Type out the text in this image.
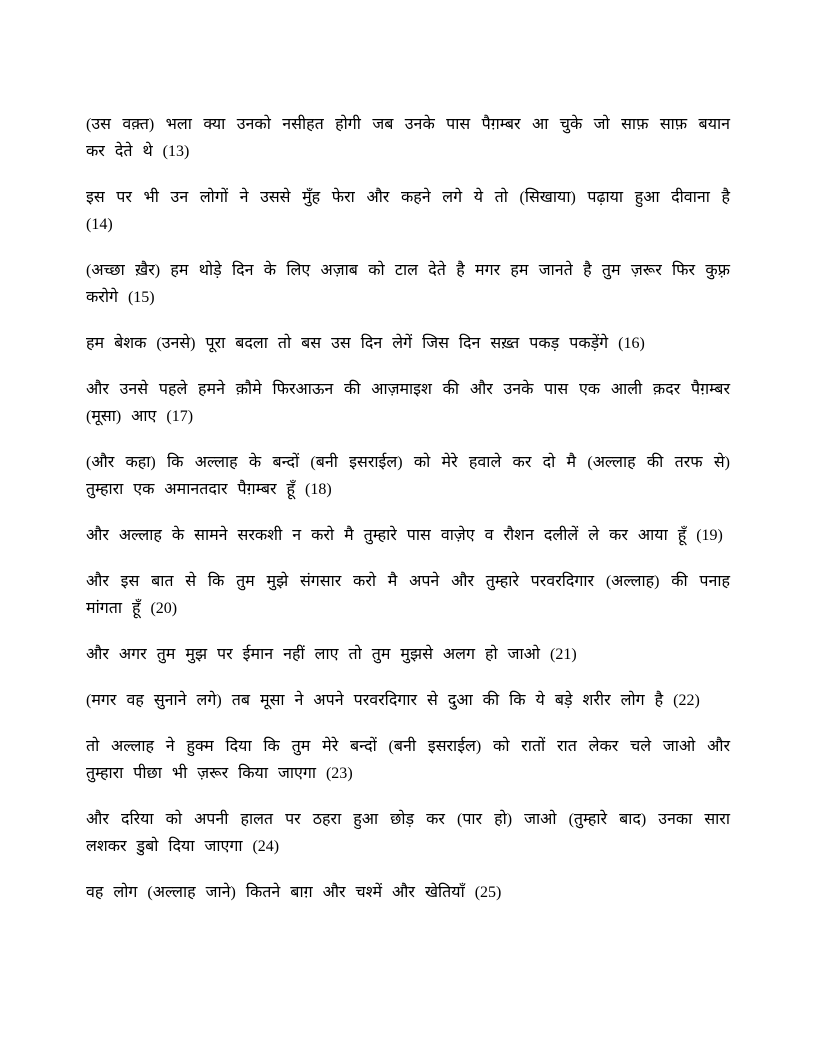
(उस वक़्त) भला क्या उनको नसीहत होगी जब उनके पास पैग़म्बर आ चुके जो साफ़ साफ़ बयान कर देते थे (13)

इस पर भी उन लोगों ने उससे मुँह फेरा और कहने लगे ये तो (सिखाया) पढ़ाया हुआ दीवाना है (14)

(अच्छा ख़ैर) हम थोड़े दिन के लिए अज़ाब को टाल देते है मगर हम जानते है तुम ज़रूर फिर कुफ़्र करोगे (15)

हम बेशक (उनसे) पूरा बदला तो बस उस दिन लेगें जिस दिन सख़्त पकड़ पकड़ेंगे (16)

और उनसे पहले हमने क़ौमे फिरआऊन की आज़माइश की और उनके पास एक आली क़दर पैग़म्बर (मूसा) आए (17)

(और कहा) कि अल्लाह के बन्दों (बनी इसराईल) को मेरे हवाले कर दो मै (अल्लाह की तरफ से) तुम्हारा एक अमानतदार पैग़म्बर हूँ (18)

और अल्लाह के सामने सरकशी न करो मै तुम्हारे पास वाज़ेए व रौशन दलीलें ले कर आया हूँ (19)

और इस बात से कि तुम मुझे संगसार करो मै अपने और तुम्हारे परवरदिगार (अल्लाह) की पनाह मांगता हूँ (20)

और अगर तुम मुझ पर ईमान नहीं लाए तो तुम मुझसे अलग हो जाओ (21)

(मगर वह सुनाने लगे) तब मूसा ने अपने परवरदिगार से दुआ की कि ये बड़े शरीर लोग है (22)

तो अल्लाह ने हुक्म दिया कि तुम मेरे बन्दों (बनी इसराईल) को रातों रात लेकर चले जाओ और तुम्हारा पीछा भी ज़रूर किया जाएगा (23)

और दरिया को अपनी हालत पर ठहरा हुआ छोड़ कर (पार हो) जाओ (तुम्हारे बाद) उनका सारा लशकर डुबो दिया जाएगा (24)

वह लोग (अल्लाह जाने) कितने बाग़ और चश्में और खेतियाँ (25)
